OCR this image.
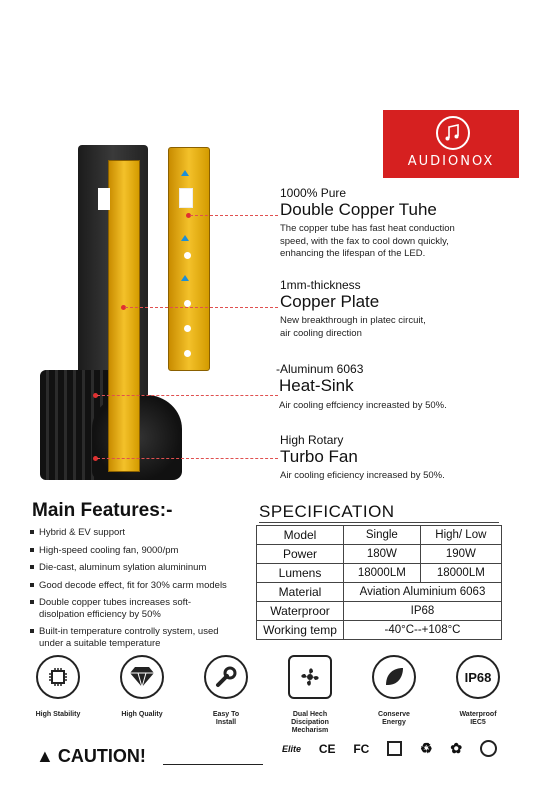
AUDIONOX
1000% Pure
Double Copper Tuhe
The copper tube has fast heat conduction
speed, with the fax to cool down quickly,
enhancing the lifespan of the LED.
1mm-thickness
Copper Plate
New breakthrough in platec circuit,
air cooling direction
-Aluminum 6063
Heat-Sink
Air cooling effciency increasted by 50%.
High Rotary
Turbo Fan
Air cooling eficiency increased by 50%.
Main Features:-
Hybrid & EV support
High-speed cooling fan, 9000/pm
Die-cast, aluminum sylation alumininum
Good decode effect, fit for 30% carm models
Double copper tubes increases soft-
disolpation efficiency by 50%
Built-in temperature controlly system, used
under a suitable temperature
SPECIFICATION
Model	Single	High/ Low
Power	180W	190W
Lumens	18000LM	18000LM
Material	Aviation Aluminium 6063	
Waterproor	IP68	
Working temp	-40°C--+108°C	
High Stability	High Quality	Easy To
Install
Dual Hech Discipation
Mecharism
Conserve
Energy
IP68
Waterproof
IEC5
▲ CAUTION!	Elite CE FC	♻ ✿
